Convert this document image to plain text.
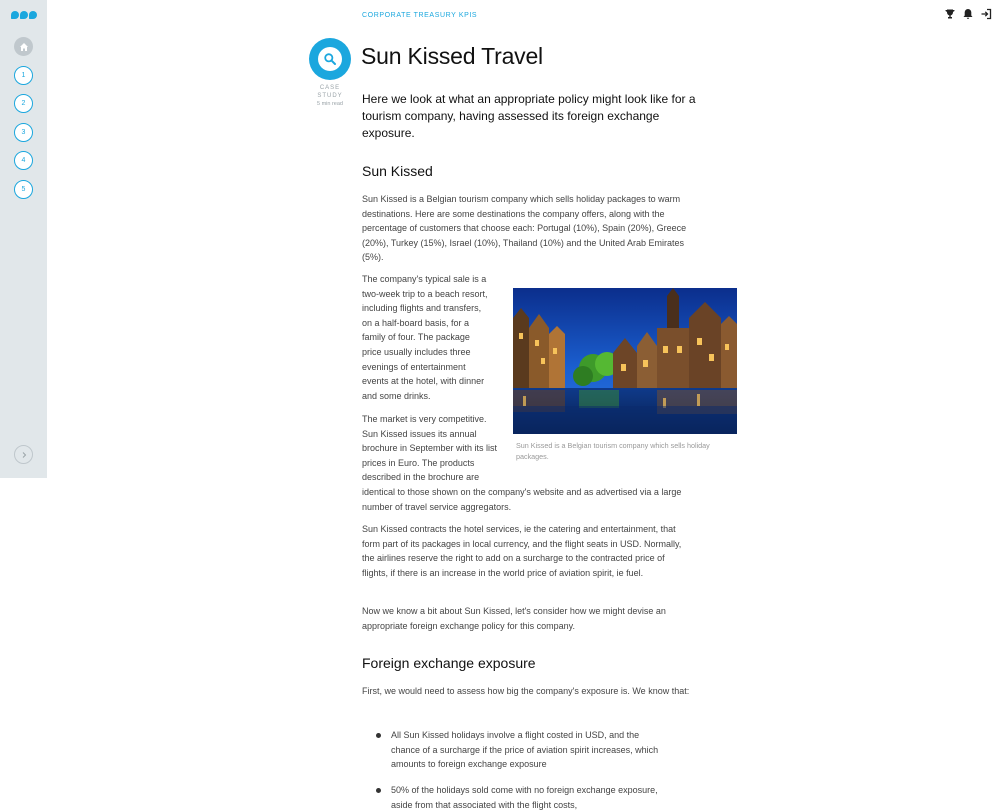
1
2
3
4
5
CORPORATE TREASURY KPIS
CASE STUDY
5 min read
Sun Kissed Travel

Here we look at what an appropriate policy might look like for a tourism company, having assessed its foreign exchange exposure.

Sun Kissed

Sun Kissed is a Belgian tourism company which sells holiday packages to warm destinations. Here are some destinations the company offers, along with the percentage of customers that choose each: Portugal (10%), Spain (20%), Greece (20%), Turkey (15%), Israel (10%), Thailand (10%) and the United Arab Emirates (5%).

The company's typical sale is a two-week trip to a beach resort, including flights and transfers, on a half-board basis, for a family of four. The package price usually includes three evenings of entertainment events at the hotel, with dinner and some drinks.

The market is very competitive. Sun Kissed issues its annual brochure in September with its list prices in Euro. The products described in the brochure are

identical to those shown on the company's website and as advertised via a large number of travel service aggregators.

Sun Kissed is a Belgian tourism company which sells holiday packages.

Sun Kissed contracts the hotel services, ie the catering and entertainment, that form part of its packages in local currency, and the flight seats in USD. Normally, the airlines reserve the right to add on a surcharge to the contracted price of flights, if there is an increase in the world price of aviation spirit, ie fuel.

Now we know a bit about Sun Kissed, let's consider how we might devise an appropriate foreign exchange policy for this company.

Foreign exchange exposure

First, we would need to assess how big the company's exposure is. We know that:

All Sun Kissed holidays involve a flight costed in USD, and the chance of a surcharge if the price of aviation spirit increases, which amounts to foreign exchange exposure
50% of the holidays sold come with no foreign exchange exposure, aside from that associated with the flight costs,
